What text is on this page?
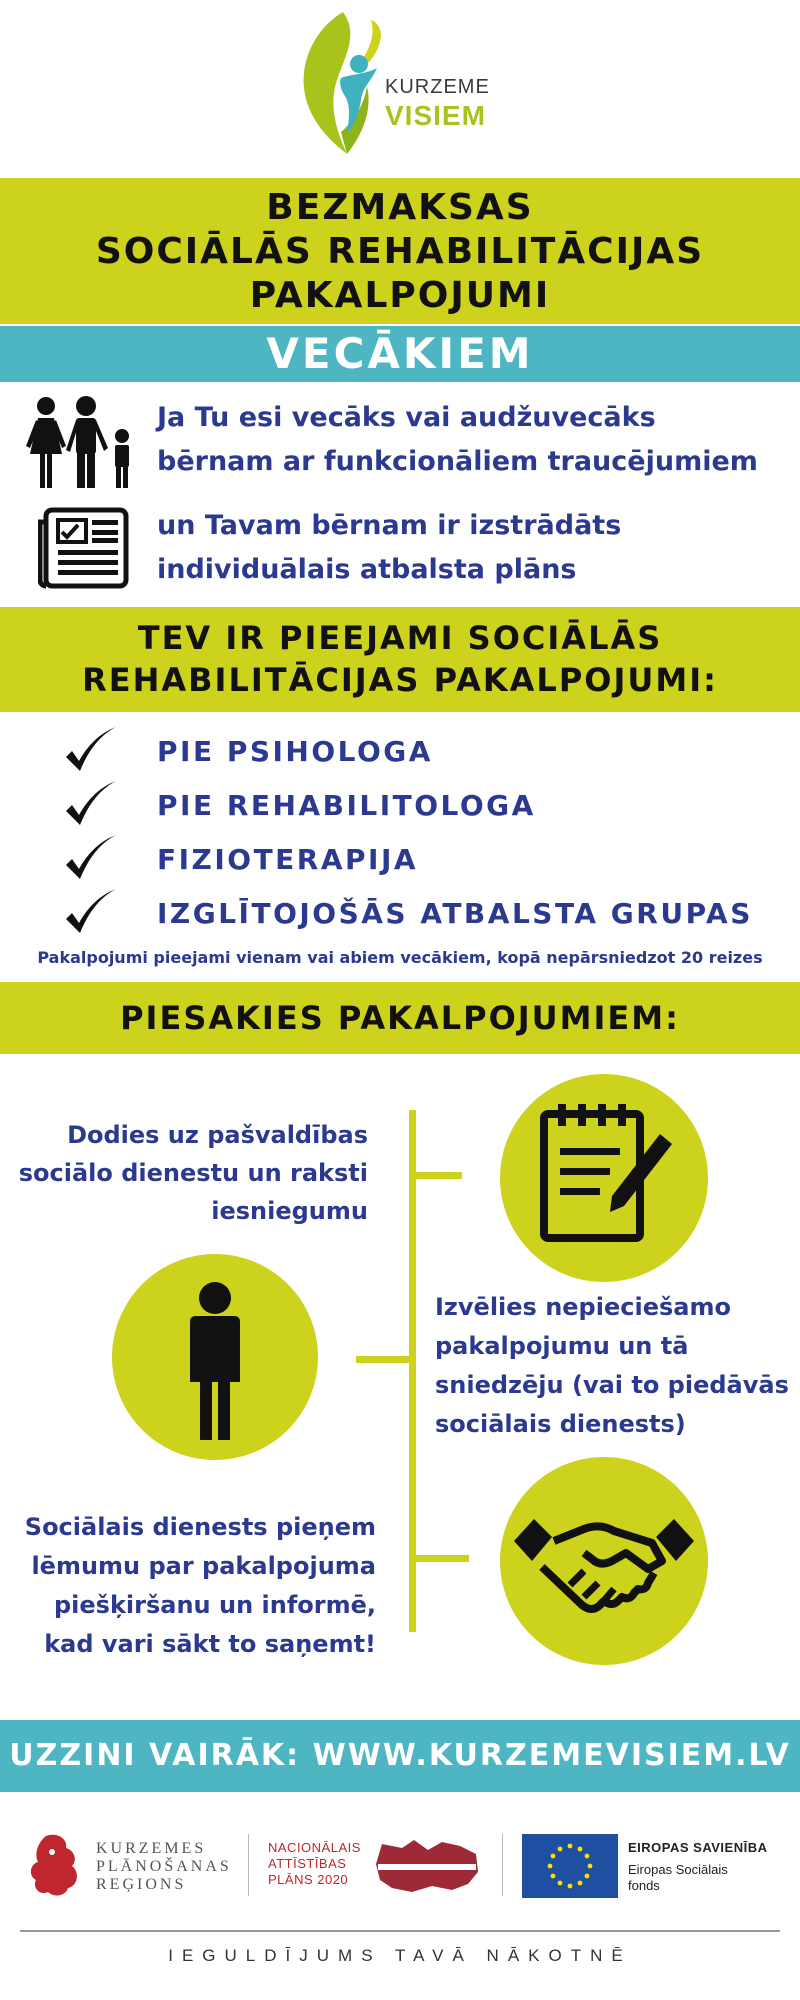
KURZEME
VISIEM
BEZMAKSAS
SOCIĀLĀS REHABILITĀCIJAS
PAKALPOJUMI
VECĀKIEM
Ja Tu esi vecāks vai audžuvecāks
bērnam ar funkcionāliem traucējumiem
un Tavam bērnam ir izstrādāts
individuālais atbalsta plāns
TEV IR PIEEJAMI SOCIĀLĀS
REHABILITĀCIJAS PAKALPOJUMI:
PIE PSIHOLOGA
PIE REHABILITOLOGA
FIZIOTERAPIJA
IZGLĪTOJOŠĀS ATBALSTA GRUPAS
Pakalpojumi pieejami vienam vai abiem vecākiem, kopā nepārsniedzot 20 reizes
PIESAKIES PAKALPOJUMIEM:
Dodies uz pašvaldības
sociālo dienestu un raksti
iesniegumu
Izvēlies nepieciešamo
pakalpojumu un tā
sniedzēju (vai to piedāvās
sociālais dienests)
Sociālais dienests pieņem
lēmumu par pakalpojuma
piešķiršanu un informē,
kad vari sākt to saņemt!
UZZINI VAIRĀK: WWW.KURZEMEVISIEM.LV
KURZEMES
PLĀNOŠANAS
REĢIONS
NACIONĀLAIS
ATTĪSTĪBAS
PLĀNS 2020
EIROPAS SAVIENĪBA
Eiropas Sociālais
fonds
IEGULDĪJUMS TAVĀ NĀKOTNĒ
